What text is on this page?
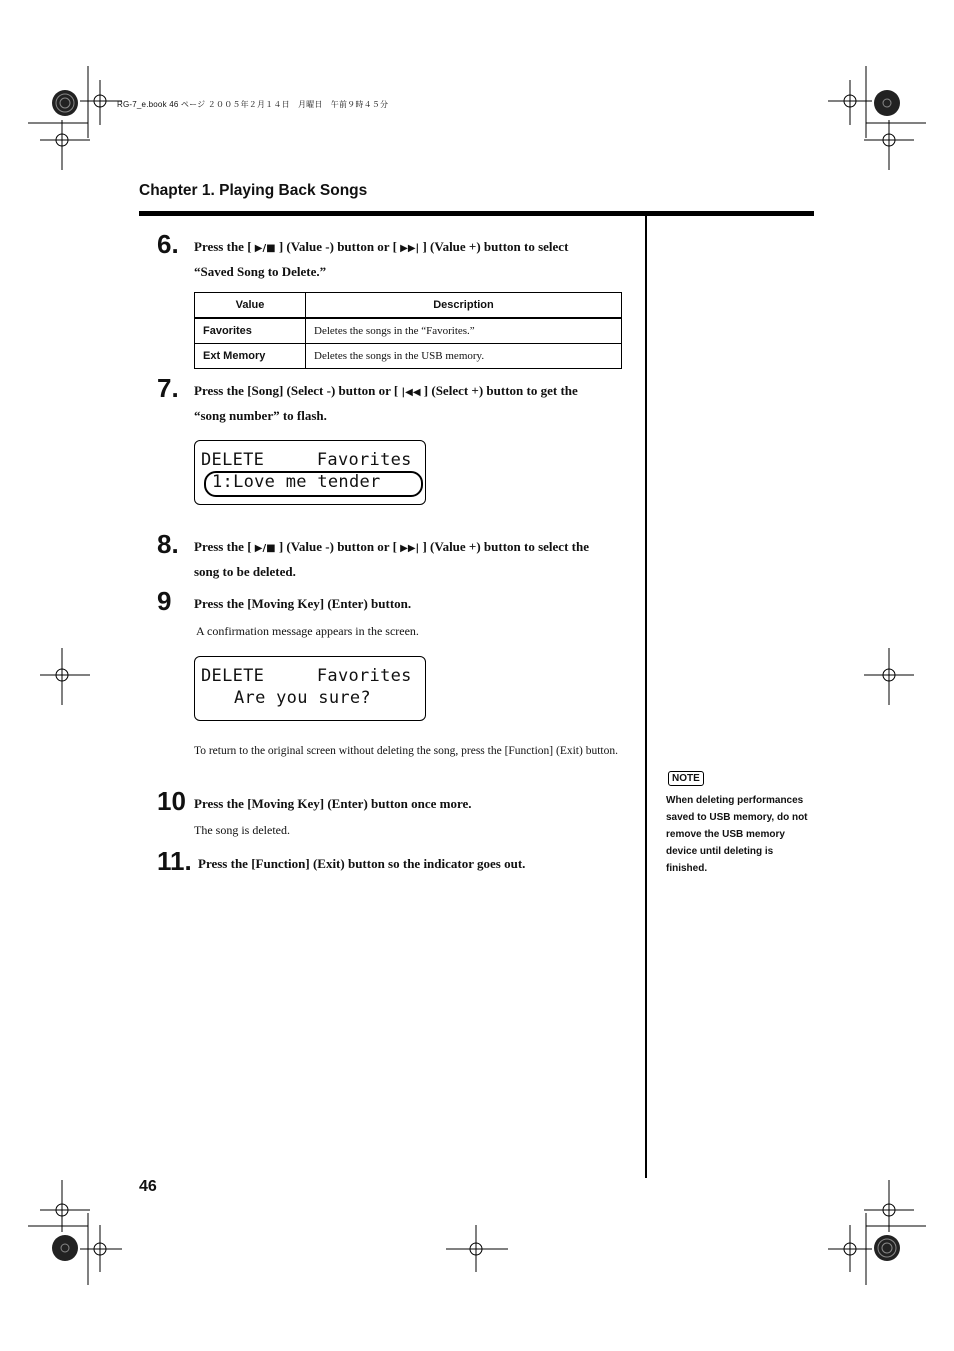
RG-7_e.book 46 ページ ２００５年２月１４日　月曜日　午前９時４５分
Chapter 1. Playing Back Songs
6 .	Press the [ ▶/■ ] (Value -) button or [ ▶▶| ] (Value +) button to select
“Saved Song to Delete.”
Value	Description
Favorites	Deletes the songs in the “Favorites.”
Ext Memory	Deletes the songs in the USB memory.
7 .	Press the [Song] (Select -) button or [ |◀◀ ] (Select +) button to get the
“song number” to flash.
DELETE     Favorites
1:Love me tender
8 .	Press the [ ▶/■ ] (Value -) button or [ ▶▶| ] (Value +) button to select the
song to be deleted.
9 Press the [Moving Key] (Enter) button.
A confirmation message appears in the screen.
DELETE     Favorites
Are you sure?
To return to the original screen without deleting the song, press the [Function] (Exit) button.
10 Press the [Moving Key] (Enter) button once more.
The song is deleted.
11 .	Press the [Function] (Exit) button so the indicator goes out.
NOTE
When deleting performances saved to USB memory, do not remove the USB memory device until deleting is finished.
46
